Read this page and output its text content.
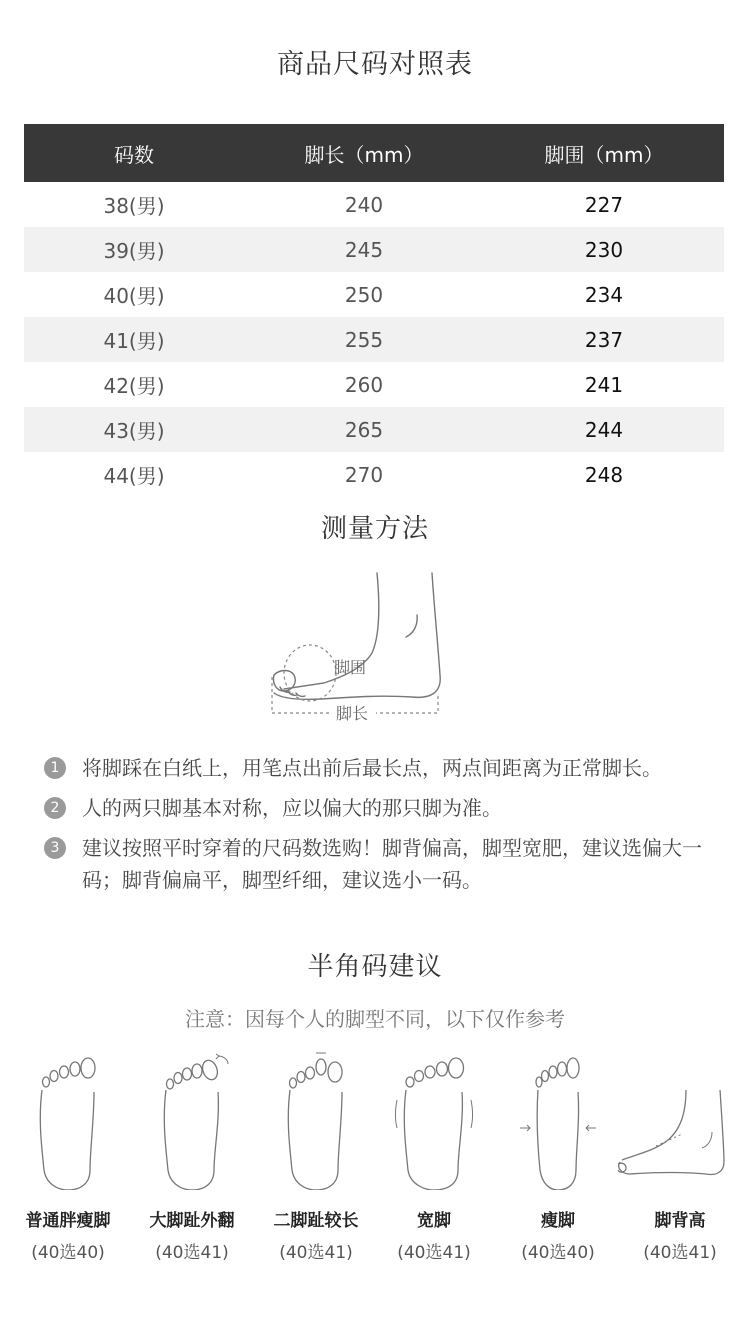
商品尺码对照表
码数	脚长（mm）	脚围（mm）
38(男)	240	227
39(男)	245	230
40(男)	250	234
41(男)	255	237
42(男)	260	241
43(男)	265	244
44(男)	270	248
测量方法
脚围
脚长
1	将脚踩在白纸上，用笔点出前后最长点，两点间距离为正常脚长。
2	人的两只脚基本对称，应以偏大的那只脚为准。
3	建议按照平时穿着的尺码数选购！脚背偏高，脚型宽肥，建议选偏大一码；脚背偏扁平，脚型纤细，建议选小一码。
半角码建议
注意：因每个人的脚型不同，以下仅作参考
普通胖瘦脚
(40选40)
大脚趾外翻
(40选41)
二脚趾较长
(40选41)
宽脚
(40选41)
瘦脚
(40选40)
脚背高
(40选41)
